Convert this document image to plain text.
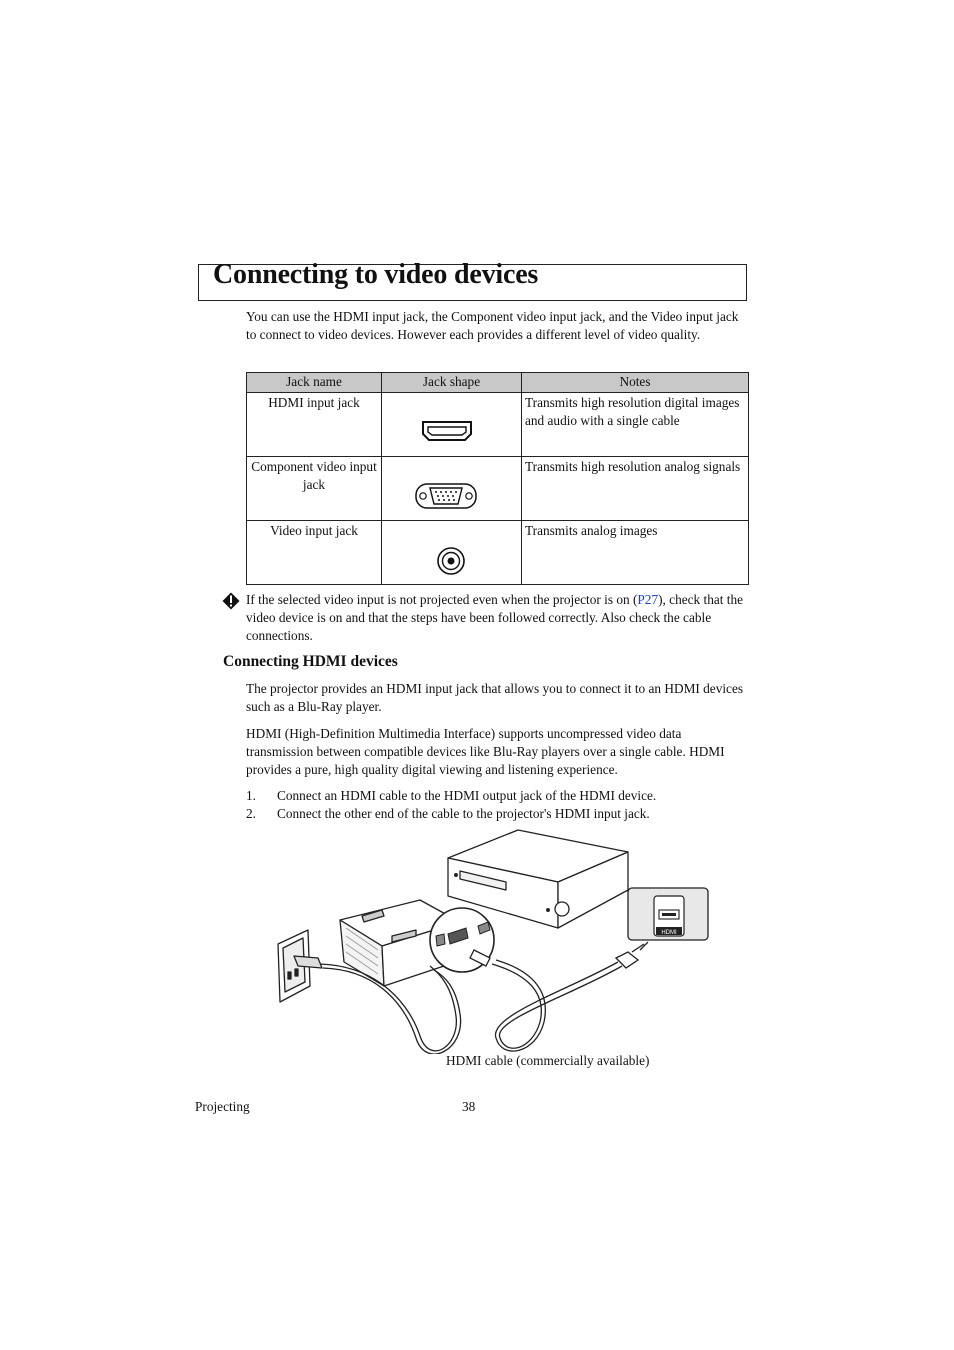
Connecting to video devices
You can use the HDMI input jack, the Component video input jack, and the Video input jack to connect to video devices. However each provides a different level of video quality.
Jack name	Jack shape	Notes
HDMI input jack		Transmits high resolution digital images and audio with a single cable
Component video input jack		Transmits high resolution analog signals
Video input jack		Transmits analog images
If the selected video input is not projected even when the projector is on (P27), check that the video device is on and that the steps have been followed correctly. Also check the cable connections.
Connecting HDMI devices
The projector provides an HDMI input jack that allows you to connect it to an HDMI devices such as a Blu-Ray player.
HDMI (High-Definition Multimedia Interface) supports uncompressed video data transmission between compatible devices like Blu-Ray players over a single cable. HDMI provides a pure, high quality digital viewing and listening experience.
1. Connect an HDMI cable to the HDMI output jack of the HDMI device.
2. Connect the other end of the cable to the projector's HDMI input jack.
HDMI
HDMI cable (commercially available)
Projecting	38
